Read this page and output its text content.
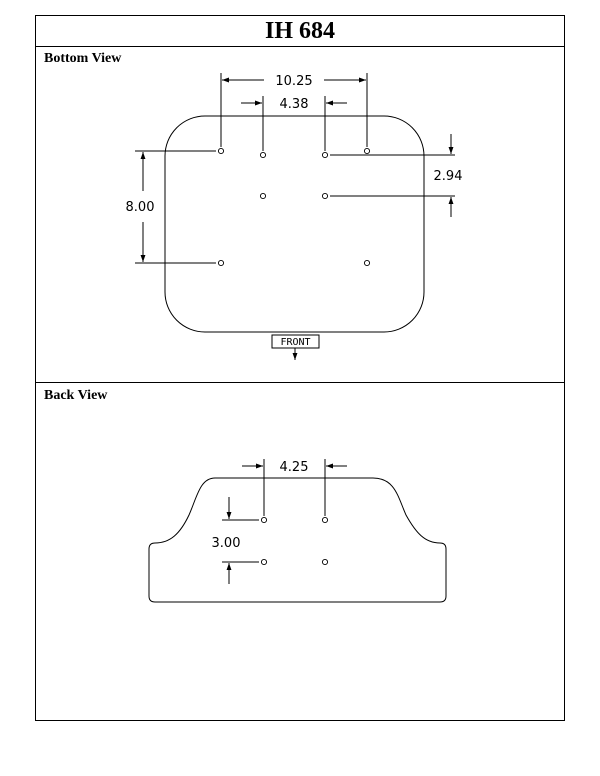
IH 684
Bottom View
Back View
10.25
4.38
2.94
8.00
FRONT
4.25
3.00
